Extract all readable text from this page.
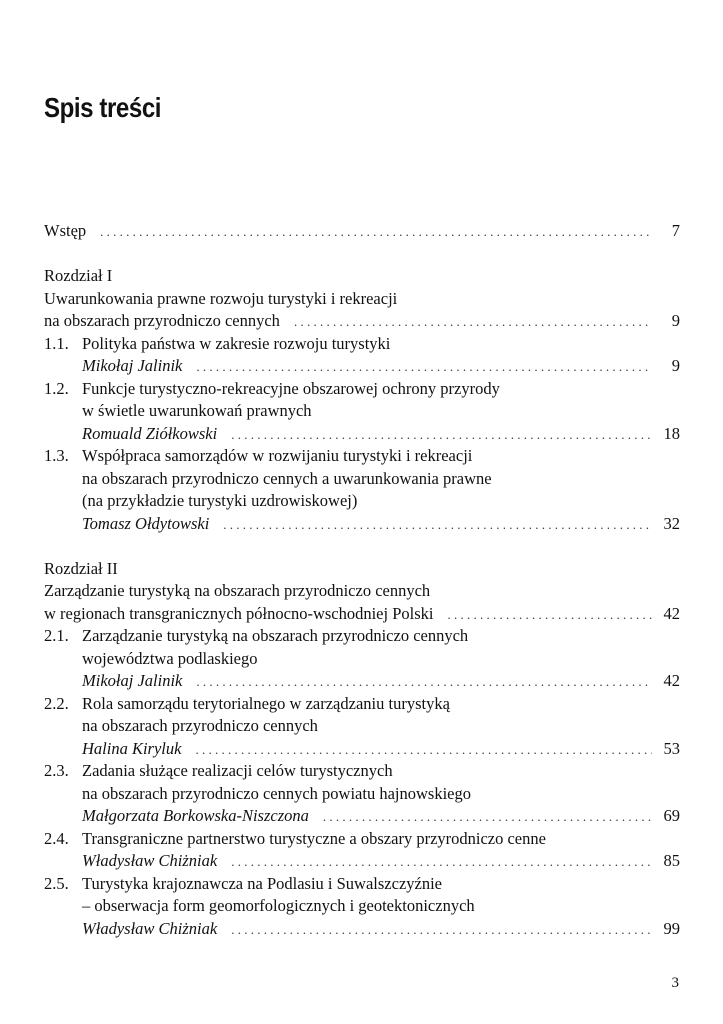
Spis treści
Wstęp . . .	7
Rozdział I
Uwarunkowania prawne rozwoju turystyki i rekreacji
na obszarach przyrodniczo cennych . . .	9
1.1. Polityka państwa w zakresie rozwoju turystyki
Mikołaj Jalinik . . .	9
1.2. Funkcje turystyczno-rekreacyjne obszarowej ochrony przyrody
w świetle uwarunkowań prawnych
Romuald Ziółkowski . . .	18
1.3. Współpraca samorządów w rozwijaniu turystyki i rekreacji
na obszarach przyrodniczo cennych a uwarunkowania prawne
(na przykładzie turystyki uzdrowiskowej)
Tomasz Ołdytowski . . .	32
Rozdział II
Zarządzanie turystyką na obszarach przyrodniczo cennych
w regionach transgranicznych północno-wschodniej Polski . . .	42
2.1. Zarządzanie turystyką na obszarach przyrodniczo cennych
województwa podlaskiego
Mikołaj Jalinik . . .	42
2.2. Rola samorządu terytorialnego w zarządzaniu turystyką
na obszarach przyrodniczo cennych
Halina Kiryluk . . .	53
2.3. Zadania służące realizacji celów turystycznych
na obszarach przyrodniczo cennych powiatu hajnowskiego
Małgorzata Borkowska-Niszczona . . .	69
2.4. Transgraniczne partnerstwo turystyczne a obszary przyrodniczo cenne
Władysław Chiżniak . . .	85
2.5. Turystyka krajoznawcza na Podlasiu i Suwalszczyźnie
– obserwacja form geomorfologicznych i geotektonicznych
Władysław Chiżniak . . .	99
3
